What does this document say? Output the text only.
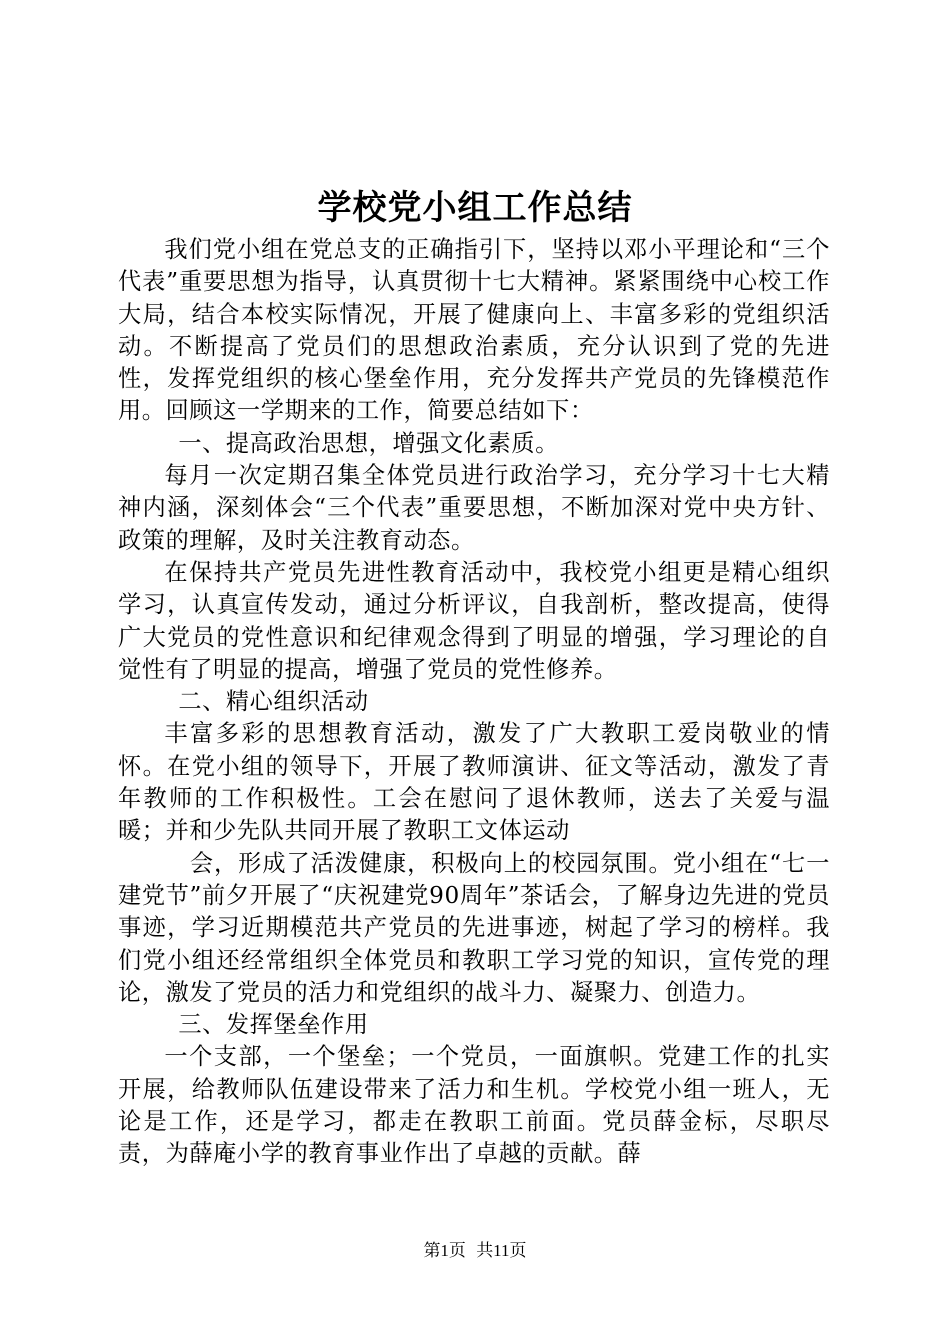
学校党小组工作总结

我们党小组在党总支的正确指引下，坚持以邓小平理论和“三个代表”重要思想为指导，认真贯彻十七大精神。紧紧围绕中心校工作大局，结合本校实际情况，开展了健康向上、丰富多彩的党组织活动。不断提高了党员们的思想政治素质，充分认识到了党的先进性，发挥党组织的核心堡垒作用，充分发挥共产党员的先锋模范作用。回顾这一学期来的工作，简要总结如下：

一、提高政治思想，增强文化素质。

每月一次定期召集全体党员进行政治学习，充分学习十七大精神内涵，深刻体会“三个代表”重要思想，不断加深对党中央方针、政策的理解，及时关注教育动态。

在保持共产党员先进性教育活动中，我校党小组更是精心组织学习，认真宣传发动，通过分析评议，自我剖析，整改提高，使得广大党员的党性意识和纪律观念得到了明显的增强，学习理论的自觉性有了明显的提高，增强了党员的党性修养。

二、精心组织活动

丰富多彩的思想教育活动，激发了广大教职工爱岗敬业的情怀。在党小组的领导下，开展了教师演讲、征文等活动，激发了青年教师的工作积极性。工会在慰问了退休教师，送去了关爱与温暖；并和少先队共同开展了教职工文体运动

会，形成了活泼健康，积极向上的校园氛围。党小组在“七一建党节”前夕开展了“庆祝建党90周年”茶话会，了解身边先进的党员事迹，学习近期模范共产党员的先进事迹，树起了学习的榜样。我们党小组还经常组织全体党员和教职工学习党的知识，宣传党的理论，激发了党员的活力和党组织的战斗力、凝聚力、创造力。

三、发挥堡垒作用

一个支部，一个堡垒；一个党员，一面旗帜。党建工作的扎实开展，给教师队伍建设带来了活力和生机。学校党小组一班人，无论是工作，还是学习，都走在教职工前面。党员薛金标，尽职尽责，为薛庵小学的教育事业作出了卓越的贡献。薛

第1页 共11页
